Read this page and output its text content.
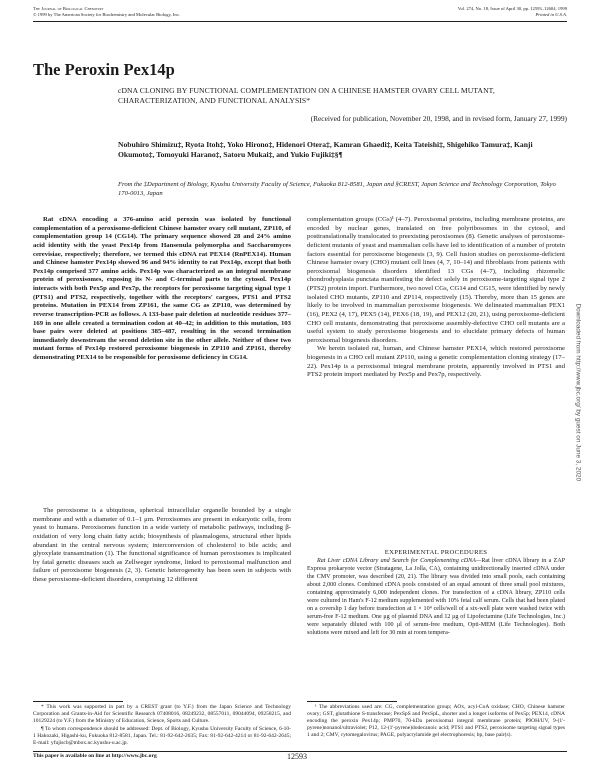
The Journal of Biological Chemistry
© 1999 by The American Society for Biochemistry and Molecular Biology, Inc.
Vol. 274, No. 18, Issue of April 30, pp. 12593–12604, 1999
Printed in U.S.A.
The Peroxin Pex14p
cDNA CLONING BY FUNCTIONAL COMPLEMENTATION ON A CHINESE HAMSTER OVARY CELL MUTANT, CHARACTERIZATION, AND FUNCTIONAL ANALYSIS*
(Received for publication, November 20, 1998, and in revised form, January 27, 1999)
Nobuhiro Shimizu‡, Ryota Itoh‡, Yoko Hirono‡, Hidenori Otera‡, Kamran Ghaedi‡, Keita Tateishi‡, Shigehiko Tamura‡, Kanji Okumoto‡, Tomoyuki Harano‡, Satoru Mukai‡, and Yukio Fujiki‡§¶
From the ‡Department of Biology, Kyushu University Faculty of Science, Fukuoka 812-8581, Japan and §CREST, Japan Science and Technology Corporation, Tokyo 170-0013, Japan

Rat cDNA encoding a 376-amino acid peroxin was isolated by functional complementation of a peroxisome-deficient Chinese hamster ovary cell mutant, ZP110, of complementation group 14 (CG14). The primary sequence showed 28 and 24% amino acid identity with the yeast Pex14p from Hansenula polymorpha and Saccharomyces cerevisiae, respectively; therefore, we termed this cDNA rat PEX14 (RnPEX14). Human and Chinese hamster Pex14p showed 96 and 94% identity to rat Pex14p, except that both Pex14p comprised 377 amino acids. Pex14p was characterized as an integral membrane protein of peroxisomes, exposing its N- and C-terminal parts to the cytosol. Pex14p interacts with both Pex5p and Pex7p, the receptors for peroxisome targeting signal type 1 (PTS1) and PTS2, respectively, together with the receptors' cargoes, PTS1 and PTS2 proteins. Mutation in PEX14 from ZP161, the same CG as ZP110, was determined by reverse transcription-PCR as follows. A 133-base pair deletion at nucleotide residues 377–169 in one allele created a termination codon at 40–42; in addition to this mutation, 103 base pairs were deleted at positions 385–487, resulting in the second termination immediately downstream the second deletion site in the other allele. Neither of these two mutant forms of Pex14p restored peroxisome biogenesis in ZP110 and ZP161, thereby demonstrating PEX14 to be responsible for peroxisome deficiency in CG14.

The peroxisome is a ubiquitous, spherical intracellular organelle bounded by a single membrane and with a diameter of 0.1–1 μm. Peroxisomes are present in eukaryotic cells, from yeast to humans. Peroxisomes function in a wide variety of metabolic pathways, including β-oxidation of very long chain fatty acids; biosynthesis of plasmalogens, structural ether lipids abundant in the central nervous system; interconversion of cholesterol to bile acids; and glyoxylate transamination (1). The functional significance of human peroxisomes is implicated by fatal genetic diseases such as Zellweger syndrome, linked to peroxisomal malfunction and failure of peroxisome biogenesis (2, 3). Genetic heterogeneity has been seen in subjects with these peroxisome-deficient disorders, comprising 12 different

complementation groups (CGs)¹ (4–7). Peroxisomal proteins, including membrane proteins, are encoded by nuclear genes, translated on free polyribosomes in the cytosol, and posttranslationally translocated to preexisting peroxisomes (8). Genetic analyses of peroxisome-deficient mutants of yeast and mammalian cells have led to identification of a number of protein factors essential for peroxisome biogenesis (3, 9). Cell fusion studies on peroxisome-deficient Chinese hamster ovary (CHO) mutant cell lines (4, 7, 10–14) and fibroblasts from patients with peroxisomal biogenesis disorders identified 13 CGs (4–7), including rhizomelic chondrodysplasia punctata manifesting the defect solely in peroxisome-targeting signal type 2 (PTS2) protein import. Furthermore, two novel CGs, CG14 and CG15, were identified by newly isolated CHO mutants, ZP110 and ZP114, respectively (15). Thereby, more than 15 genes are likely to be involved in mammalian peroxisome biogenesis. We delineated mammalian PEX1 (16), PEX2 (4, 17), PEX5 (14), PEX6 (18, 19), and PEX12 (20, 21), using peroxisome-deficient CHO cell mutants, demonstrating that peroxisome assembly-defective CHO cell mutants are a useful system to study peroxisome biogenesis and to elucidate primary defects of human peroxisomal biogenesis disorders.

We herein isolated rat, human, and Chinese hamster PEX14, which restored peroxisome biogenesis in a CHO cell mutant ZP110, using a genetic complementation cloning strategy (17–22). Pex14p is a peroxisomal integral membrane protein, apparently involved in PTS1 and PTS2 protein import mediated by Pex5p and Pex7p, respectively.

EXPERIMENTAL PROCEDURES

Rat Liver cDNA Library and Search for Complementing cDNA—Rat liver cDNA library in a ZAP Express prokaryote vector (Stratagene, La Jolla, CA), containing unidirectionally inserted cDNA under the CMV promoter, was described (20, 21). The library was divided into small pools, each containing about 2,000 clones. Combined cDNA pools consisted of an equal amount of three small pool mixtures, containing approximately 6,000 independent clones. For transfection of a cDNA library, ZP110 cells were cultured in Ham's F-12 medium supplemented with 10% fetal calf serum. Cells that had been plated on a coverslip 1 day before transfection at 1 × 10⁴ cells/well of a six-well plate were washed twice with serum-free F-12 medium. One μg of plasmid DNA and 12 μg of Lipofectamine (Life Technologies, Inc.) were separately diluted with 100 μl of serum-free medium, Opti-MEM (Life Technologies). Both solutions were mixed and left for 30 min at room tempera-

* This work was supported in part by a CREST grant (to Y.F.) from the Japan Science and Technology Corporation and Grants-in-Aid for Scientific Research 07408016, 08249232, 08557011, 09044094, 09258215, and 10129224 (to Y.F.) from the Ministry of Education, Science, Sports and Culture.

¶ To whom correspondence should be addressed: Dept. of Biology, Kyushu University Faculty of Science, 6-10-1 Hakozaki, Higashi-ku, Fukuoka 812-8581, Japan. Tel.: 81-92-642-2635; Fax: 81-92-642-4214 or 81-92-642-2645; E-mail: yfujiscb@mbox.nc.kyushu-u.ac.jp.

¹ The abbreviations used are: CG, complementation group; AOx, acyl-CoA oxidase; CHO, Chinese hamster ovary; GST, glutathione S-transferase; PexSpS and PexSpL, shorter and a longer isoforms of Pex5p; PEX14, cDNA encoding the peroxin Pex14p; PMP70, 70-kDa peroxisomal integral membrane protein; P9OH/UV, 9-(1'-pyrene)nonanol/ultraviolet; P12, 12-(1'-pyrene)dodecanoic acid; PTS1 and PTS2, peroxisome targeting signal types 1 and 2; CMV, cytomegalovirus; PAGE, polyacrylamide gel electrophoresis; bp, base pair(s).

This paper is available on line at http://www.jbc.org	12593
Downloaded from http://www.jbc.org/ by guest on June 3, 2020
